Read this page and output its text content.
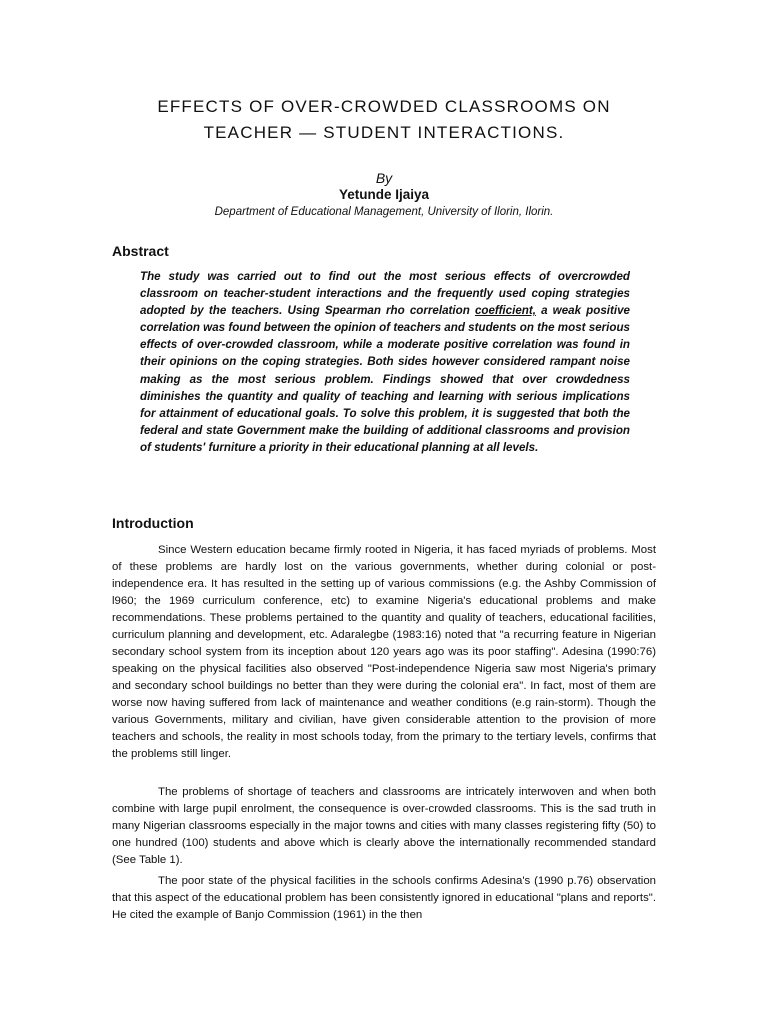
EFFECTS OF OVER-CROWDED CLASSROOMS ON
TEACHER — STUDENT INTERACTIONS.
By
Yetunde Ijaiya
Department of Educational Management, University of Ilorin, Ilorin.
Abstract
The study was carried out to find out the most serious effects of overcrowded classroom on teacher-student interactions and the frequently used coping strategies adopted by the teachers. Using Spearman rho correlation coefficient, a weak positive correlation was found between the opinion of teachers and students on the most serious effects of over-crowded classroom, while a moderate positive correlation was found in their opinions on the coping strategies. Both sides however considered rampant noise making as the most serious problem. Findings showed that over crowdedness diminishes the quantity and quality of teaching and learning with serious implications for attainment of educational goals. To solve this problem, it is suggested that both the federal and state Government make the building of additional classrooms and provision of students' furniture a priority in their educational planning at all levels.
Introduction
Since Western education became firmly rooted in Nigeria, it has faced myriads of problems. Most of these problems are hardly lost on the various governments, whether during colonial or post-independence era. It has resulted in the setting up of various commissions (e.g. the Ashby Commission of l960; the 1969 curriculum conference, etc) to examine Nigeria's educational problems and make recommendations. These problems pertained to the quantity and quality of teachers, educational facilities, curriculum planning and development, etc. Adaralegbe (1983:16) noted that "a recurring feature in Nigerian secondary school system from its inception about 120 years ago was its poor staffing". Adesina (1990:76) speaking on the physical facilities also observed "Post-independence Nigeria saw most Nigeria's primary and secondary school buildings no better than they were during the colonial era". In fact, most of them are worse now having suffered from lack of maintenance and weather conditions (e.g rain-storm). Though the various Governments, military and civilian, have given considerable attention to the provision of more teachers and schools, the reality in most schools today, from the primary to the tertiary levels, confirms that the problems still linger.
The problems of shortage of teachers and classrooms are intricately interwoven and when both combine with large pupil enrolment, the consequence is over-crowded classrooms. This is the sad truth in many Nigerian classrooms especially in the major towns and cities with many classes registering fifty (50) to one hundred (100) students and above which is clearly above the internationally recommended standard (See Table 1).
The poor state of the physical facilities in the schools confirms Adesina's (1990 p.76) observation that this aspect of the educational problem has been consistently ignored in educational "plans and reports". He cited the example of Banjo Commission (1961) in the then
